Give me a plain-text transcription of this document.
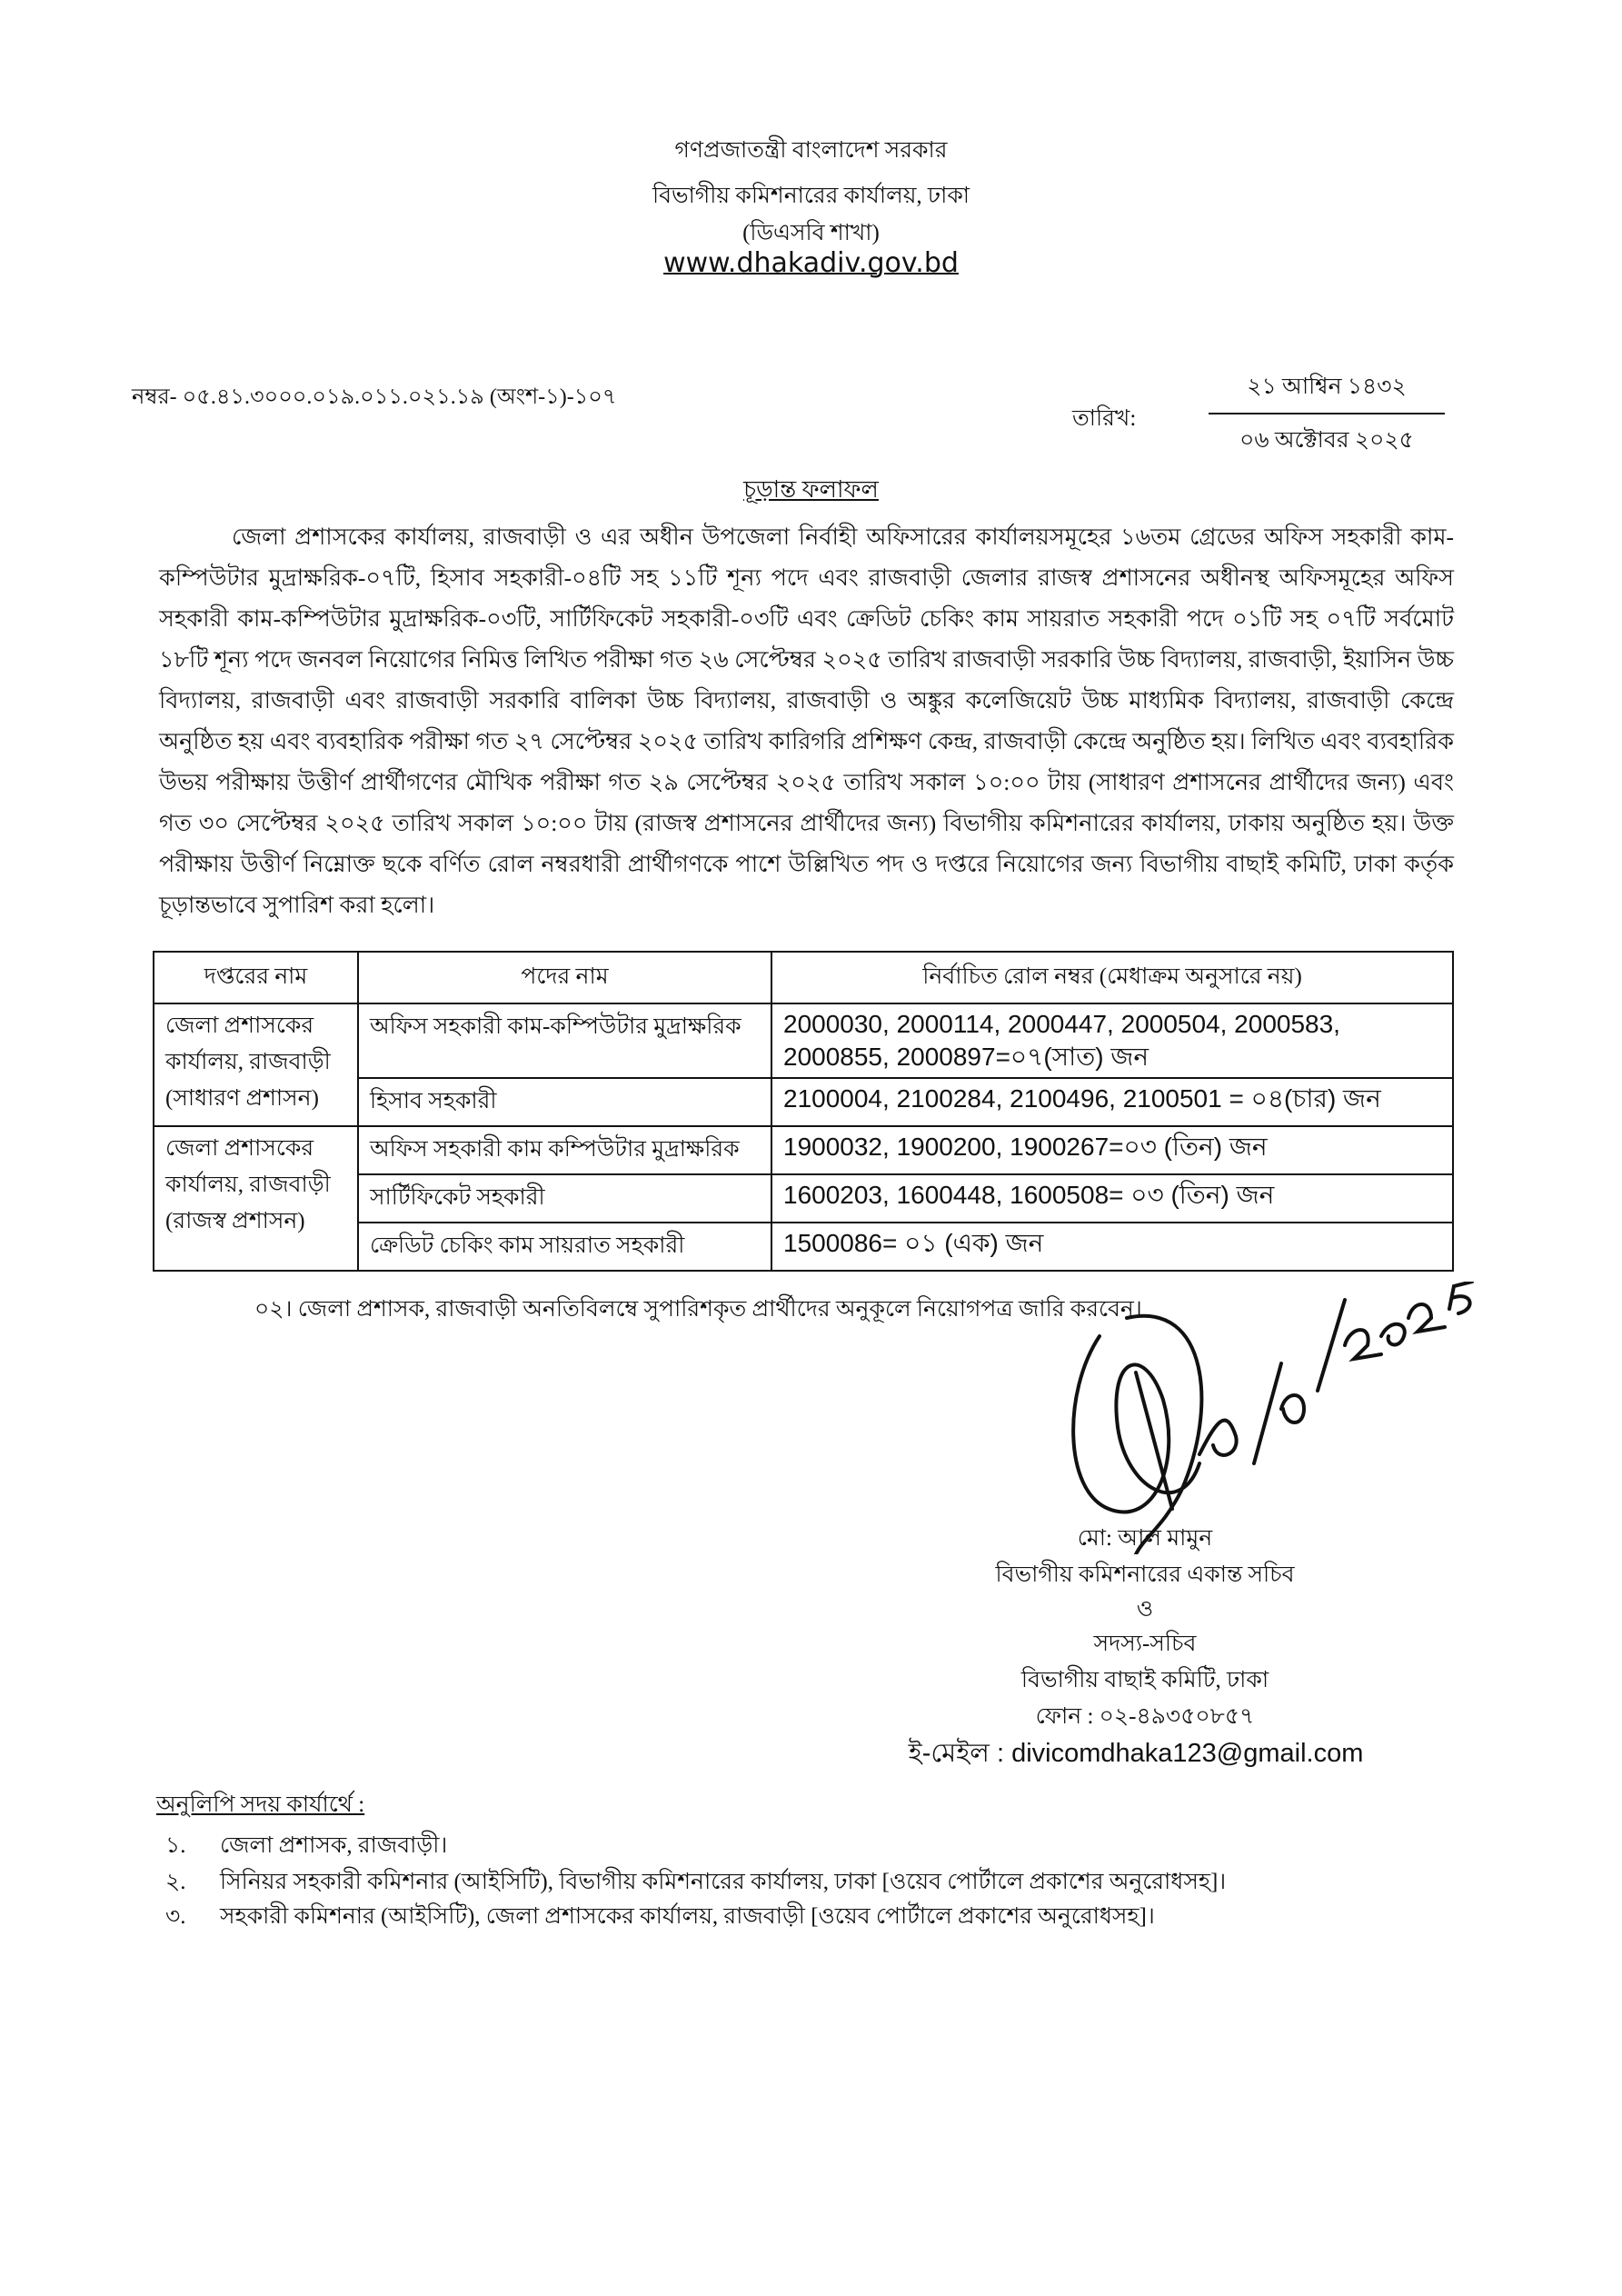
গণপ্রজাতন্ত্রী বাংলাদেশ সরকার
বিভাগীয় কমিশনারের কার্যালয়, ঢাকা
(ডিএসবি শাখা)
www.dhakadiv.gov.bd
নম্বর- ০৫.৪১.৩০০০.০১৯.০১১.০২১.১৯ (অংশ-১)-১০৭
তারিখ:
২১ আশ্বিন ১৪৩২
০৬ অক্টোবর ২০২৫
চূড়ান্ত ফলাফল
জেলা প্রশাসকের কার্যালয়, রাজবাড়ী ও এর অধীন উপজেলা নির্বাহী অফিসারের কার্যালয়সমূহের ১৬তম গ্রেডের অফিস সহকারী কাম-কম্পিউটার মুদ্রাক্ষরিক-০৭টি, হিসাব সহকারী-০৪টি সহ ১১টি শূন্য পদে এবং রাজবাড়ী জেলার রাজস্ব প্রশাসনের অধীনস্থ অফিসমূহের অফিস সহকারী কাম-কম্পিউটার মুদ্রাক্ষরিক-০৩টি, সার্টিফিকেট সহকারী-০৩টি এবং ক্রেডিট চেকিং কাম সায়রাত সহকারী পদে ০১টি সহ ০৭টি সর্বমোট ১৮টি শূন্য পদে জনবল নিয়োগের নিমিত্ত লিখিত পরীক্ষা গত ২৬ সেপ্টেম্বর ২০২৫ তারিখ রাজবাড়ী সরকারি উচ্চ বিদ্যালয়, রাজবাড়ী, ইয়াসিন উচ্চ বিদ্যালয়, রাজবাড়ী এবং রাজবাড়ী সরকারি বালিকা উচ্চ বিদ্যালয়, রাজবাড়ী ও অঙ্কুর কলেজিয়েট উচ্চ মাধ্যমিক বিদ্যালয়, রাজবাড়ী কেন্দ্রে অনুষ্ঠিত হয় এবং ব্যবহারিক পরীক্ষা গত ২৭ সেপ্টেম্বর ২০২৫ তারিখ কারিগরি প্রশিক্ষণ কেন্দ্র, রাজবাড়ী কেন্দ্রে অনুষ্ঠিত হয়। লিখিত এবং ব্যবহারিক উভয় পরীক্ষায় উত্তীর্ণ প্রার্থীগণের মৌখিক পরীক্ষা গত ২৯ সেপ্টেম্বর ২০২৫ তারিখ সকাল ১০:০০ টায় (সাধারণ প্রশাসনের প্রার্থীদের জন্য) এবং গত ৩০ সেপ্টেম্বর ২০২৫ তারিখ সকাল ১০:০০ টায় (রাজস্ব প্রশাসনের প্রার্থীদের জন্য) বিভাগীয় কমিশনারের কার্যালয়, ঢাকায় অনুষ্ঠিত হয়। উক্ত পরীক্ষায় উত্তীর্ণ নিম্নোক্ত ছকে বর্ণিত রোল নম্বরধারী প্রার্থীগণকে পাশে উল্লিখিত পদ ও দপ্তরে নিয়োগের জন্য বিভাগীয় বাছাই কমিটি, ঢাকা কর্তৃক চূড়ান্তভাবে সুপারিশ করা হলো।
দপ্তরের নাম	পদের নাম	নির্বাচিত রোল নম্বর (মেধাক্রম অনুসারে নয়)
জেলা প্রশাসকের কার্যালয়, রাজবাড়ী (সাধারণ প্রশাসন)	অফিস সহকারী কাম-কম্পিউটার মুদ্রাক্ষরিক	2000030, 2000114, 2000447, 2000504, 2000583, 2000855, 2000897=০৭(সাত) জন
	হিসাব সহকারী	2100004, 2100284, 2100496, 2100501 = ০৪(চার) জন
জেলা প্রশাসকের কার্যালয়, রাজবাড়ী (রাজস্ব প্রশাসন)	অফিস সহকারী কাম কম্পিউটার মুদ্রাক্ষরিক	1900032, 1900200, 1900267=০৩ (তিন) জন
	সার্টিফিকেট সহকারী	1600203, 1600448, 1600508= ০৩ (তিন) জন
	ক্রেডিট চেকিং কাম সায়রাত সহকারী	1500086= ০১ (এক) জন
০২। জেলা প্রশাসক, রাজবাড়ী অনতিবিলম্বে সুপারিশকৃত প্রার্থীদের অনুকূলে নিয়োগপত্র জারি করবেন।
মো: আল মামুন
বিভাগীয় কমিশনারের একান্ত সচিব
ও
সদস্য-সচিব
বিভাগীয় বাছাই কমিটি, ঢাকা
ফোন : ০২-৪৯৩৫০৮৫৭
ই-মেইল : divicomdhaka123@gmail.com
অনুলিপি সদয় কার্যার্থে :
১. জেলা প্রশাসক, রাজবাড়ী।
২. সিনিয়র সহকারী কমিশনার (আইসিটি), বিভাগীয় কমিশনারের কার্যালয়, ঢাকা [ওয়েব পোর্টালে প্রকাশের অনুরোধসহ]।
৩. সহকারী কমিশনার (আইসিটি), জেলা প্রশাসকের কার্যালয়, রাজবাড়ী [ওয়েব পোর্টালে প্রকাশের অনুরোধসহ]।
